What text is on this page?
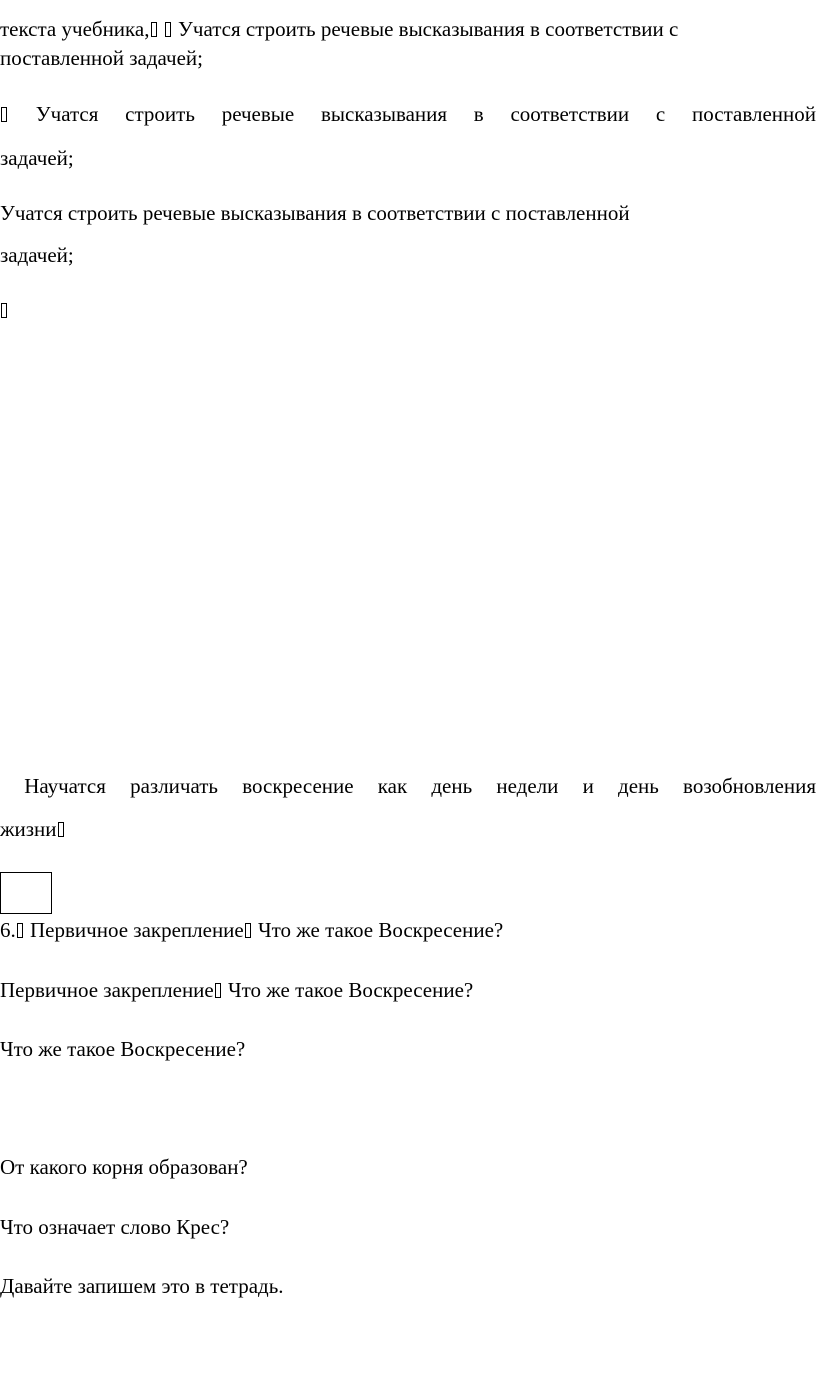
текста учебника, Учатся строить речевые высказывания в соответствии с
поставленной задачей;
Учатся строить речевые высказывания в соответствии с поставленной
задачей;
Учатся строить речевые высказывания в соответствии с поставленной
задачей;
Научатся различать воскресение как день недели и день возобновления
жизни
6. Первичное закрепление Что же такое Воскресение?
Первичное закрепление Что же такое Воскресение?
Что же такое Воскресение?
От какого корня образован?
Что означает слово Крес?
Давайте запишем это в тетрадь.
